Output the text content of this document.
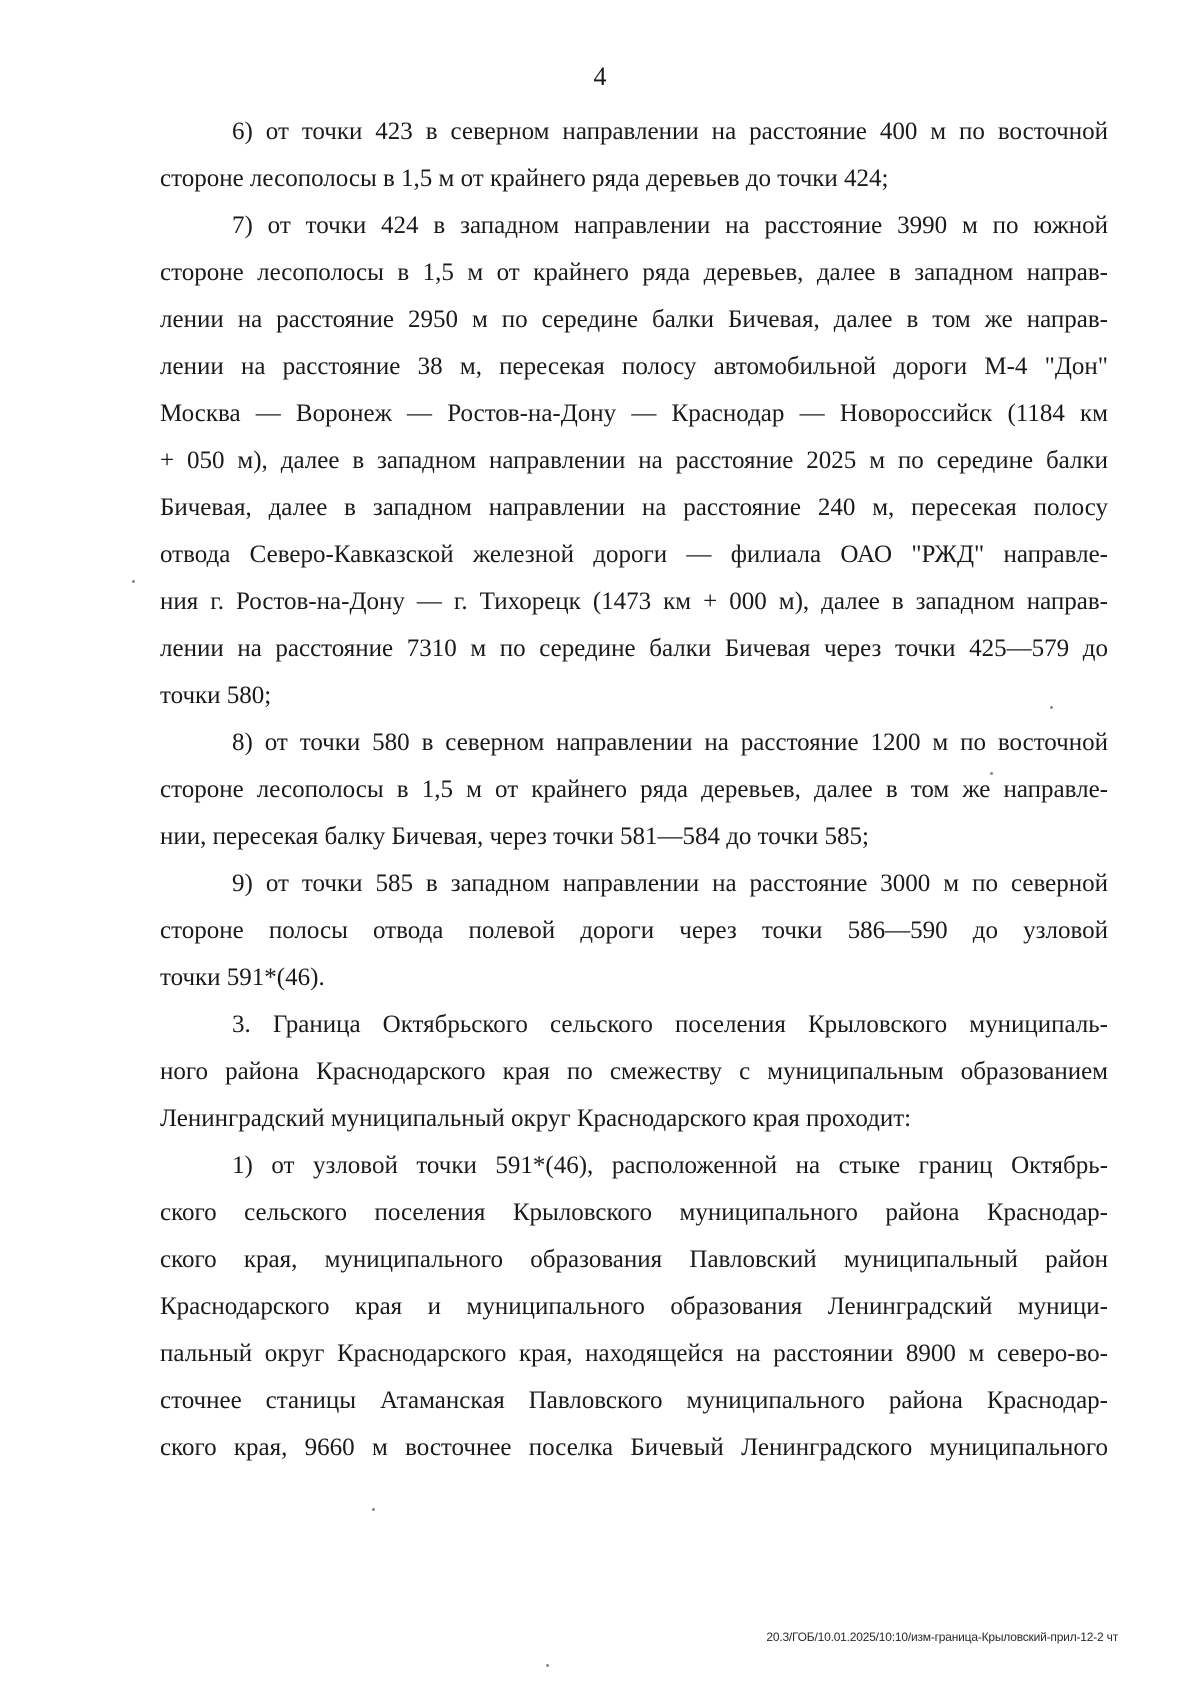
4

6) от точки 423 в северном направлении на расстояние 400 м по восточной
стороне лесополосы в 1,5 м от крайнего ряда деревьев до точки 424;

7) от точки 424 в западном направлении на расстояние 3990 м по южной
стороне лесополосы в 1,5 м от крайнего ряда деревьев, далее в западном направ-
лении на расстояние 2950 м по середине балки Бичевая, далее в том же направ-
лении на расстояние 38 м, пересекая полосу автомобильной дороги М-4 "Дон"
Москва — Воронеж — Ростов-на-Дону — Краснодар — Новороссийск (1184 км
+ 050 м), далее в западном направлении на расстояние 2025 м по середине балки
Бичевая, далее в западном направлении на расстояние 240 м, пересекая полосу
отвода Северо-Кавказской железной дороги — филиала ОАО "РЖД" направле-
ния г. Ростов-на-Дону — г. Тихорецк (1473 км + 000 м), далее в западном направ-
лении на расстояние 7310 м по середине балки Бичевая через точки 425—579 до
точки 580;

8) от точки 580 в северном направлении на расстояние 1200 м по восточной
стороне лесополосы в 1,5 м от крайнего ряда деревьев, далее в том же направле-
нии, пересекая балку Бичевая, через точки 581—584 до точки 585;

9) от точки 585 в западном направлении на расстояние 3000 м по северной
стороне полосы отвода полевой дороги через точки 586—590 до узловой
точки 591*(46).

3. Граница Октябрьского сельского поселения Крыловского муниципаль-
ного района Краснодарского края по смежеству с муниципальным образованием
Ленинградский муниципальный округ Краснодарского края проходит:

1) от узловой точки 591*(46), расположенной на стыке границ Октябрь-
ского сельского поселения Крыловского муниципального района Краснодар-
ского края, муниципального образования Павловский муниципальный район
Краснодарского края и муниципального образования Ленинградский муници-
пальный округ Краснодарского края, находящейся на расстоянии 8900 м северо-во-
сточнее станицы Атаманская Павловского муниципального района Краснодар-
ского края, 9660 м восточнее поселка Бичевый Ленинградского муниципального

20.3/ГОБ/10.01.2025/10:10/изм-граница-Крыловский-прил-12-2 чт
